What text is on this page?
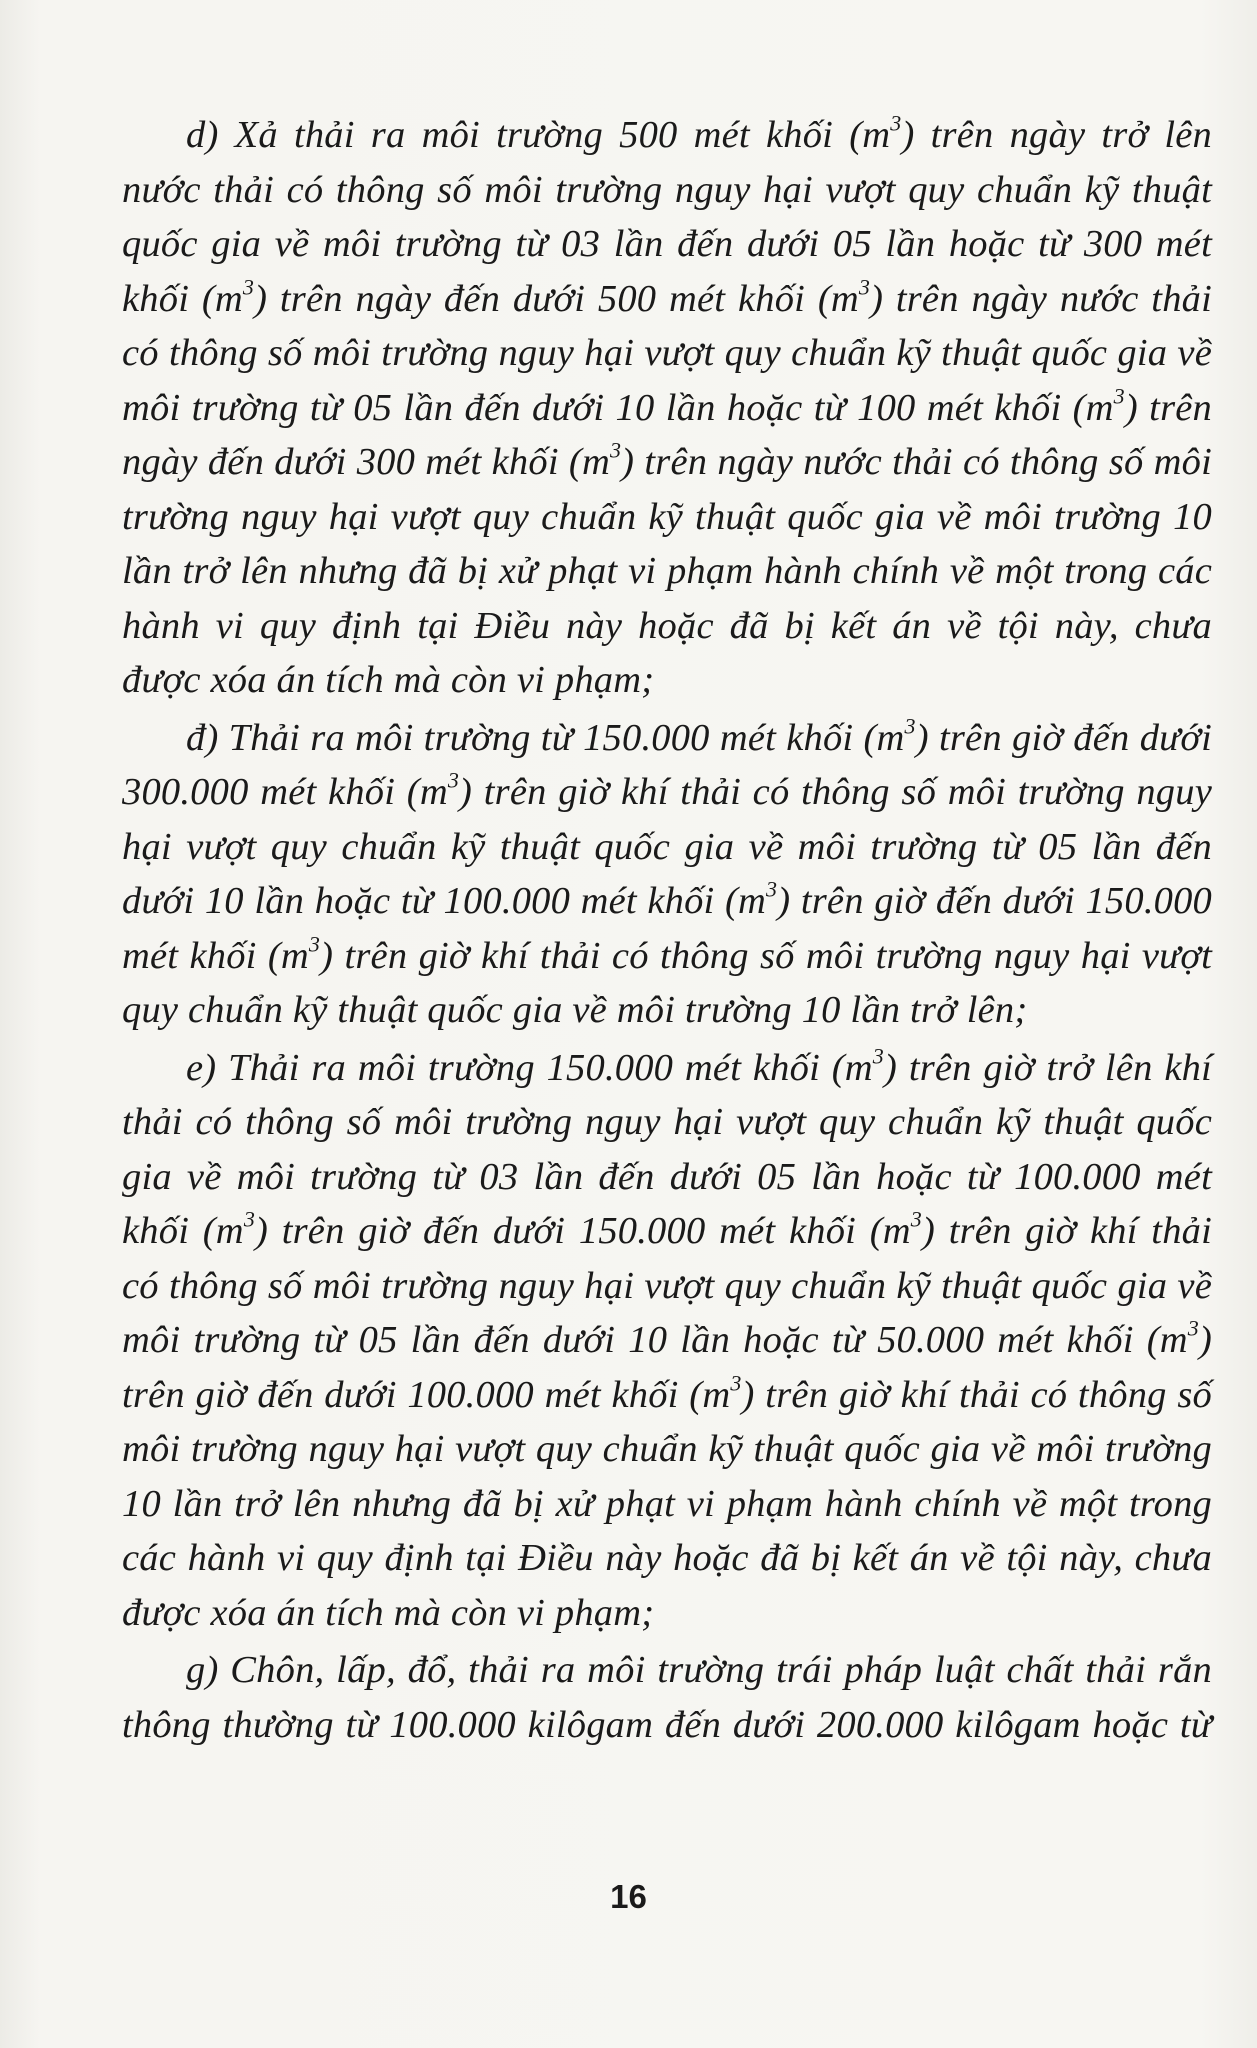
d) Xả thải ra môi trường 500 mét khối $(m^3)$ trên ngày trở lên
nước thải có thông số môi trường nguy hại vượt quy chuẩn kỹ thuật
quốc gia về môi trường từ 03 lần đến dưới 05 lần hoặc từ 300 mét
khối $(m^3)$ trên ngày đến dưới 500 mét khối $(m^3)$ trên ngày nước thải
có thông số môi trường nguy hại vượt quy chuẩn kỹ thuật quốc gia về
môi trường từ 05 lần đến dưới 10 lần hoặc từ 100 mét khối $(m^3)$ trên
ngày đến dưới 300 mét khối $(m^3)$ trên ngày nước thải có thông số môi
trường nguy hại vượt quy chuẩn kỹ thuật quốc gia về môi trường 10
lần trở lên nhưng đã bị xử phạt vi phạm hành chính về một trong các
hành vi quy định tại Điều này hoặc đã bị kết án về tội này, chưa
được xóa án tích mà còn vi phạm;
đ) Thải ra môi trường từ 150.000 mét khối $(m^3)$ trên giờ đến dưới
300.000 mét khối $(m^3)$ trên giờ khí thải có thông số môi trường nguy
hại vượt quy chuẩn kỹ thuật quốc gia về môi trường từ 05 lần đến
dưới 10 lần hoặc từ 100.000 mét khối $(m^3)$ trên giờ đến dưới 150.000
mét khối $(m^3)$ trên giờ khí thải có thông số môi trường nguy hại vượt
quy chuẩn kỹ thuật quốc gia về môi trường 10 lần trở lên;
e) Thải ra môi trường 150.000 mét khối $(m^3)$ trên giờ trở lên khí
thải có thông số môi trường nguy hại vượt quy chuẩn kỹ thuật quốc
gia về môi trường từ 03 lần đến dưới 05 lần hoặc từ 100.000 mét
khối $(m^3)$ trên giờ đến dưới 150.000 mét khối $(m^3)$ trên giờ khí thải
có thông số môi trường nguy hại vượt quy chuẩn kỹ thuật quốc gia về
môi trường từ 05 lần đến dưới 10 lần hoặc từ 50.000 mét khối $(m^3)$
trên giờ đến dưới 100.000 mét khối $(m^3)$ trên giờ khí thải có thông số
môi trường nguy hại vượt quy chuẩn kỹ thuật quốc gia về môi trường
10 lần trở lên nhưng đã bị xử phạt vi phạm hành chính về một trong
các hành vi quy định tại Điều này hoặc đã bị kết án về tội này, chưa
được xóa án tích mà còn vi phạm;
g) Chôn, lấp, đổ, thải ra môi trường trái pháp luật chất thải rắn
thông thường từ 100.000 kilôgam đến dưới 200.000 kilôgam hoặc từ
16
